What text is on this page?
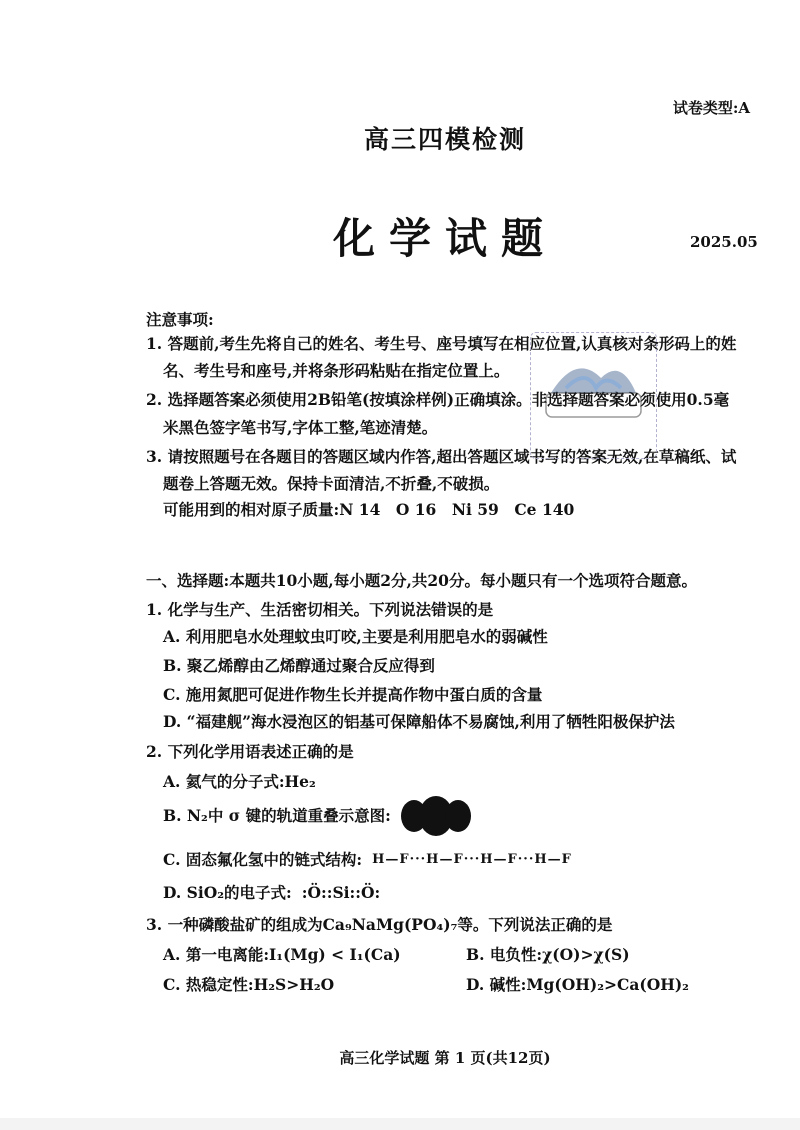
试卷类型:A
高三四模检测
化学试题	2025.05
注意事项:
1. 答题前,考生先将自己的姓名、考生号、座号填写在相应位置,认真核对条形码上的姓
名、考生号和座号,并将条形码粘贴在指定位置上。
2. 选择题答案必须使用2B铅笔(按填涂样例)正确填涂。非选择题答案必须使用0.5毫
米黑色签字笔书写,字体工整,笔迹清楚。
3. 请按照题号在各题目的答题区域内作答,超出答题区域书写的答案无效,在草稿纸、试
题卷上答题无效。保持卡面清洁,不折叠,不破损。
可能用到的相对原子质量:N 14　O 16　Ni 59　Ce 140
一、选择题:本题共10小题,每小题2分,共20分。每小题只有一个选项符合题意。
1. 化学与生产、生活密切相关。下列说法错误的是
A. 利用肥皂水处理蚊虫叮咬,主要是利用肥皂水的弱碱性
B. 聚乙烯醇由乙烯醇通过聚合反应得到
C. 施用氮肥可促进作物生长并提高作物中蛋白质的含量
D. “福建舰”海水浸泡区的铝基可保障船体不易腐蚀,利用了牺牲阳极保护法
2. 下列化学用语表述正确的是
A. 氦气的分子式:He₂
B. N₂中 σ 键的轨道重叠示意图:
C. 固态氟化氢中的链式结构: H—F···H—F···H—F···H—F
D. SiO₂的电子式: :Ö::Si::Ö:
3. 一种磷酸盐矿的组成为Ca₉NaMg(PO₄)₇等。下列说法正确的是
A. 第一电离能:I₁(Mg) < I₁(Ca)	B. 电负性:χ(O)>χ(S)
C. 热稳定性:H₂S>H₂O	D. 碱性:Mg(OH)₂>Ca(OH)₂
高三化学试题 第 1 页(共12页)
